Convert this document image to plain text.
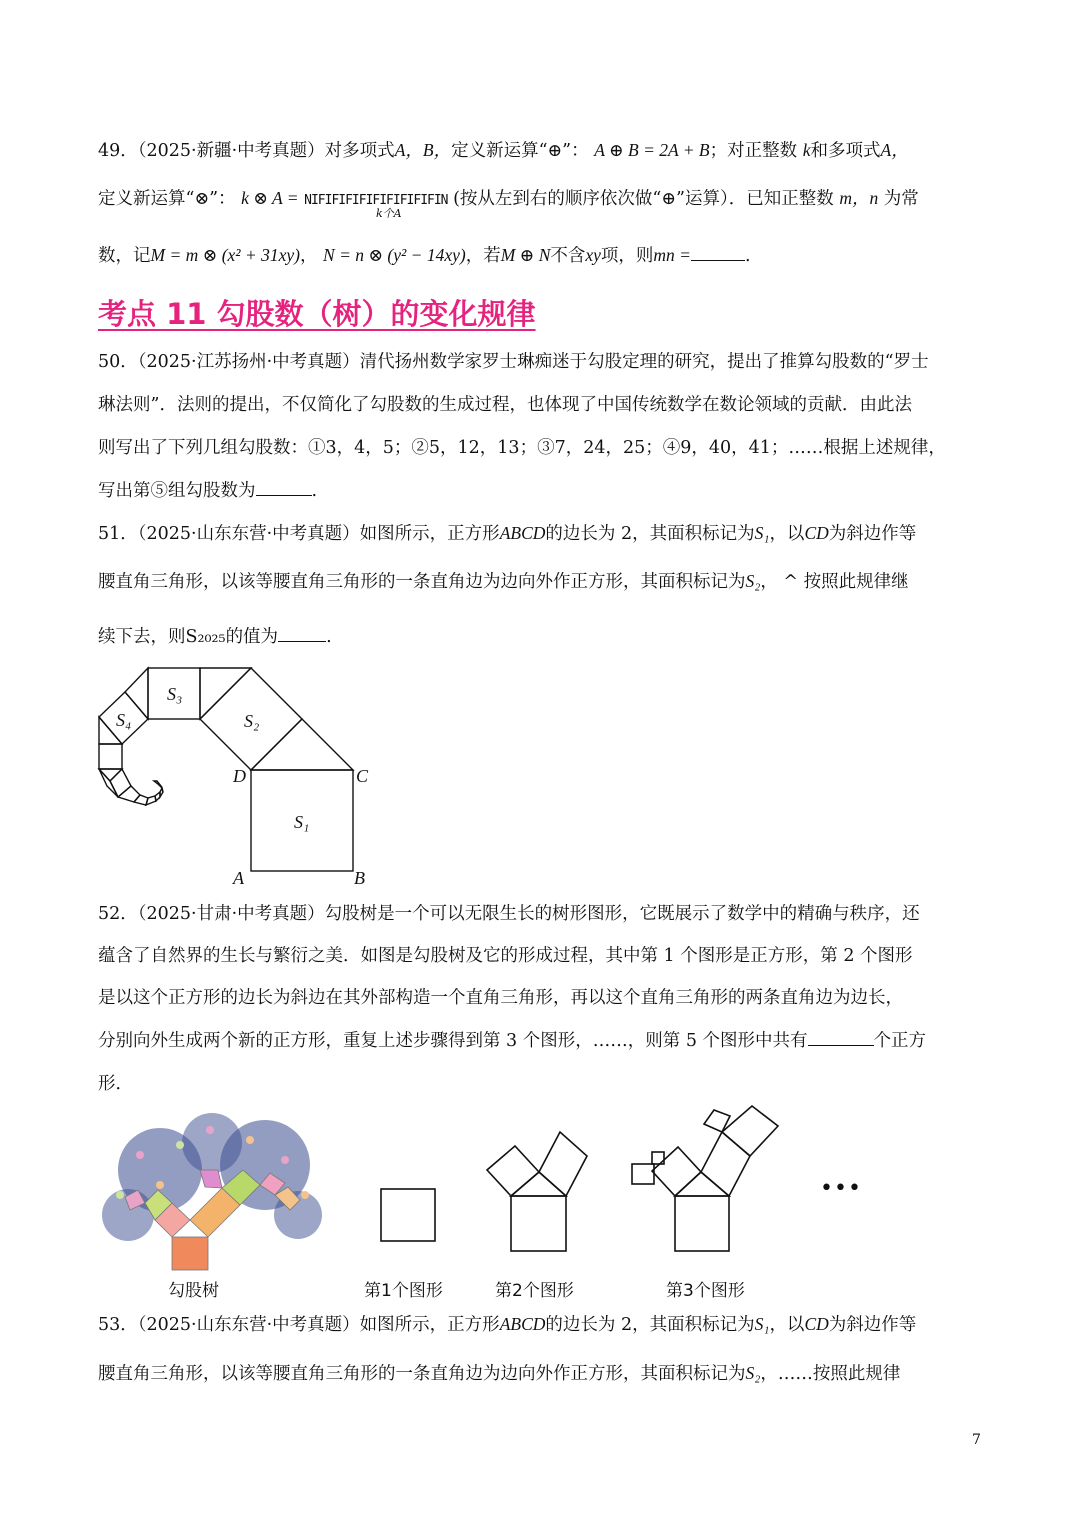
49．（2025·新疆·中考真题）对多项式A，B，定义新运算“⊕”： A ⊕ B = 2A + B；对正整数 k和多项式A，
定义新运算“⊗”： k ⊗ A = NIFIFIFIFIFIFIFIFIFIN (按从左到右的顺序依次做“⊕”运算）．已知正整数 m，n 为常
k个A
数，记M = m ⊗ (x² + 31xy)， N = n ⊗ (y² − 14xy)，若M ⊕ N不含xy项，则mn =	.
考点 11 勾股数（树）的变化规律
50．（2025·江苏扬州·中考真题）清代扬州数学家罗士琳痴迷于勾股定理的研究，提出了推算勾股数的“罗士
琳法则”．法则的提出，不仅简化了勾股数的生成过程，也体现了中国传统数学在数论领域的贡献．由此法
则写出了下列几组勾股数：①3，4，5；②5，12，13；③7，24，25；④9，40，41；……根据上述规律，
写出第⑤组勾股数为	.
51．（2025·山东东营·中考真题）如图所示，正方形ABCD的边长为 2，其面积标记为S₁，以CD为斜边作等
腰直角三角形，以该等腰直角三角形的一条直角边为边向外作正方形，其面积标记为S₂， ^ 按照此规律继
续下去，则S₂₀₂₅的值为	.
S₁
S₂
S₃
S₄
A	B
C
D
52．（2025·甘肃·中考真题）勾股树是一个可以无限生长的树形图形，它既展示了数学中的精确与秩序，还
蕴含了自然界的生长与繁衍之美．如图是勾股树及它的形成过程，其中第 1 个图形是正方形，第 2 个图形
是以这个正方形的边长为斜边在其外部构造一个直角三角形，再以这个直角三角形的两条直角边为边长，
分别向外生成两个新的正方形，重复上述步骤得到第 3 个图形，……，则第 5 个图形中共有	个正方
形．
勾股树	第1个图形	第2个图形	第3个图形
•••
53．（2025·山东东营·中考真题）如图所示，正方形ABCD的边长为 2，其面积标记为S₁，以CD为斜边作等
腰直角三角形，以该等腰直角三角形的一条直角边为边向外作正方形，其面积标记为S₂，……按照此规律
7
